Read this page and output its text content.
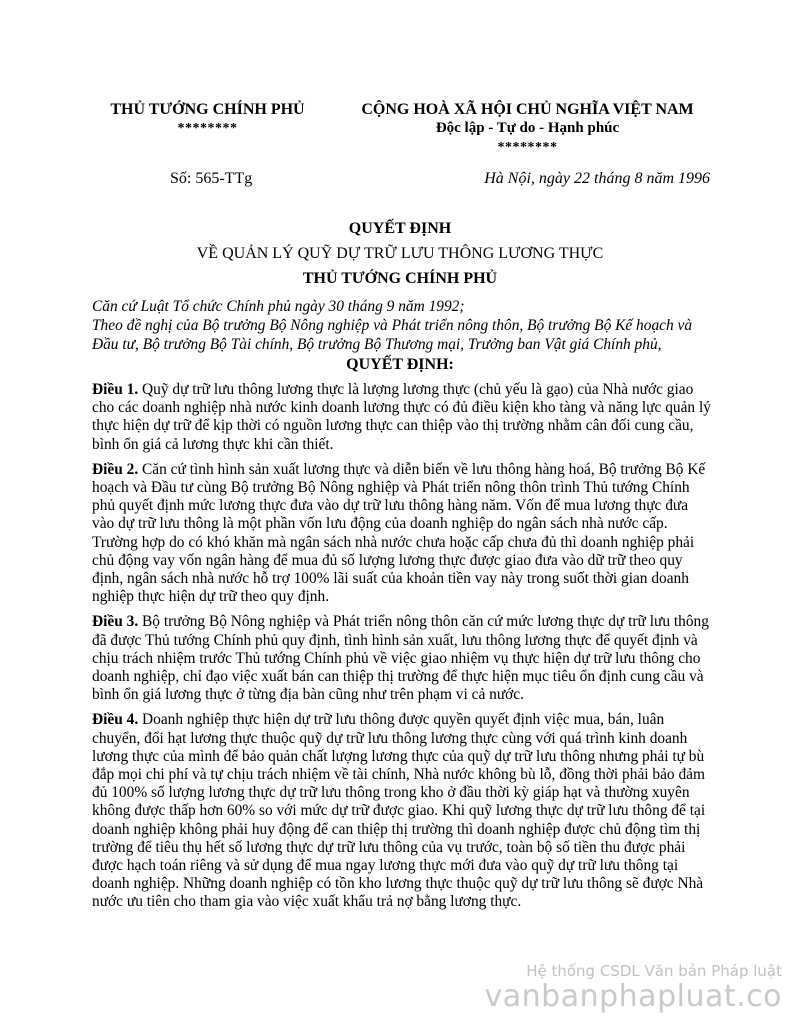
THỦ TƯỚNG CHÍNH PHỦ
********
CỘNG HOÀ XÃ HỘI CHỦ NGHĨA VIỆT NAM
Độc lập - Tự do - Hạnh phúc
********
Số: 565-TTg	Hà Nội, ngày 22 tháng 8 năm 1996
QUYẾT ĐỊNH
VỀ QUẢN LÝ QUỸ DỰ TRỮ LƯU THÔNG LƯƠNG THỰC
THỦ TƯỚNG CHÍNH PHỦ

Căn cứ Luật Tổ chức Chính phủ ngày 30 tháng 9 năm 1992;

Theo đề nghị của Bộ trưởng Bộ Nông nghiệp và Phát triển nông thôn, Bộ trưởng Bộ Kế hoạch và Đầu tư, Bộ trưởng Bộ Tài chính, Bộ trưởng Bộ Thương mại, Trưởng ban Vật giá Chính phủ,

QUYẾT ĐỊNH:

Điều 1. Quỹ dự trữ lưu thông lương thực là lượng lương thực (chủ yếu là gạo) của Nhà nước giao cho các doanh nghiệp nhà nước kinh doanh lương thực có đủ điều kiện kho tàng và năng lực quản lý thực hiện dự trữ để kịp thời có nguồn lương thực can thiệp vào thị trường nhằm cân đối cung cầu, bình ổn giá cả lương thực khi cần thiết.

Điều 2. Căn cứ tình hình sản xuất lương thực và diễn biến về lưu thông hàng hoá, Bộ trưởng Bộ Kế hoạch và Đầu tư cùng Bộ trưởng Bộ Nông nghiệp và Phát triển nông thôn trình Thủ tướng Chính phủ quyết định mức lương thực đưa vào dự trữ lưu thông hàng năm. Vốn để mua lương thực đưa vào dự trữ lưu thông là một phần vốn lưu động của doanh nghiệp do ngân sách nhà nước cấp. Trường hợp do có khó khăn mà ngân sách nhà nước chưa hoặc cấp chưa đủ thì doanh nghiệp phải chủ động vay vốn ngân hàng để mua đủ số lượng lương thực được giao đưa vào dữ trữ theo quy định, ngân sách nhà nước hỗ trợ 100% lãi suất của khoản tiền vay này trong suốt thời gian doanh nghiệp thực hiện dự trữ theo quy định.

Điều 3. Bộ trưởng Bộ Nông nghiệp và Phát triển nông thôn căn cứ mức lương thực dự trữ lưu thông đã được Thủ tướng Chính phủ quy định, tình hình sản xuất, lưu thông lương thực để quyết định và chịu trách nhiệm trước Thủ tướng Chính phủ về việc giao nhiệm vụ thực hiện dự trữ lưu thông cho doanh nghiệp, chỉ đạo việc xuất bán can thiệp thị trường để thực hiện mục tiêu ổn định cung cầu và bình ổn giá lương thực ở từng địa bàn cũng như trên phạm vi cả nước.

Điều 4. Doanh nghiệp thực hiện dự trữ lưu thông được quyền quyết định việc mua, bán, luân chuyển, đổi hạt lương thực thuộc quỹ dự trữ lưu thông lương thực cùng với quá trình kinh doanh lương thực của mình để bảo quản chất lượng lương thực của quỹ dự trữ lưu thông nhưng phải tự bù đắp mọi chi phí và tự chịu trách nhiệm về tài chính, Nhà nước không bù lỗ, đồng thời phải bảo đảm đủ 100% số lượng lương thực dự trữ lưu thông trong kho ở đầu thời kỳ giáp hạt và thường xuyên không được thấp hơn 60% so với mức dự trữ được giao. Khi quỹ lương thực dự trữ lưu thông để tại doanh nghiệp không phải huy động để can thiệp thị trường thì doanh nghiệp được chủ động tìm thị trường để tiêu thụ hết số lương thực dự trữ lưu thông của vụ trước, toàn bộ số tiền thu được phải được hạch toán riêng và sử dụng để mua ngay lương thực mới đưa vào quỹ dự trữ lưu thông tại doanh nghiệp. Những doanh nghiệp có tồn kho lương thực thuộc quỹ dự trữ lưu thông sẽ được Nhà nước ưu tiên cho tham gia vào việc xuất khẩu trả nợ bằng lương thực.

Hệ thống CSDL Văn bản Pháp luật
vanbanphapluat.co
